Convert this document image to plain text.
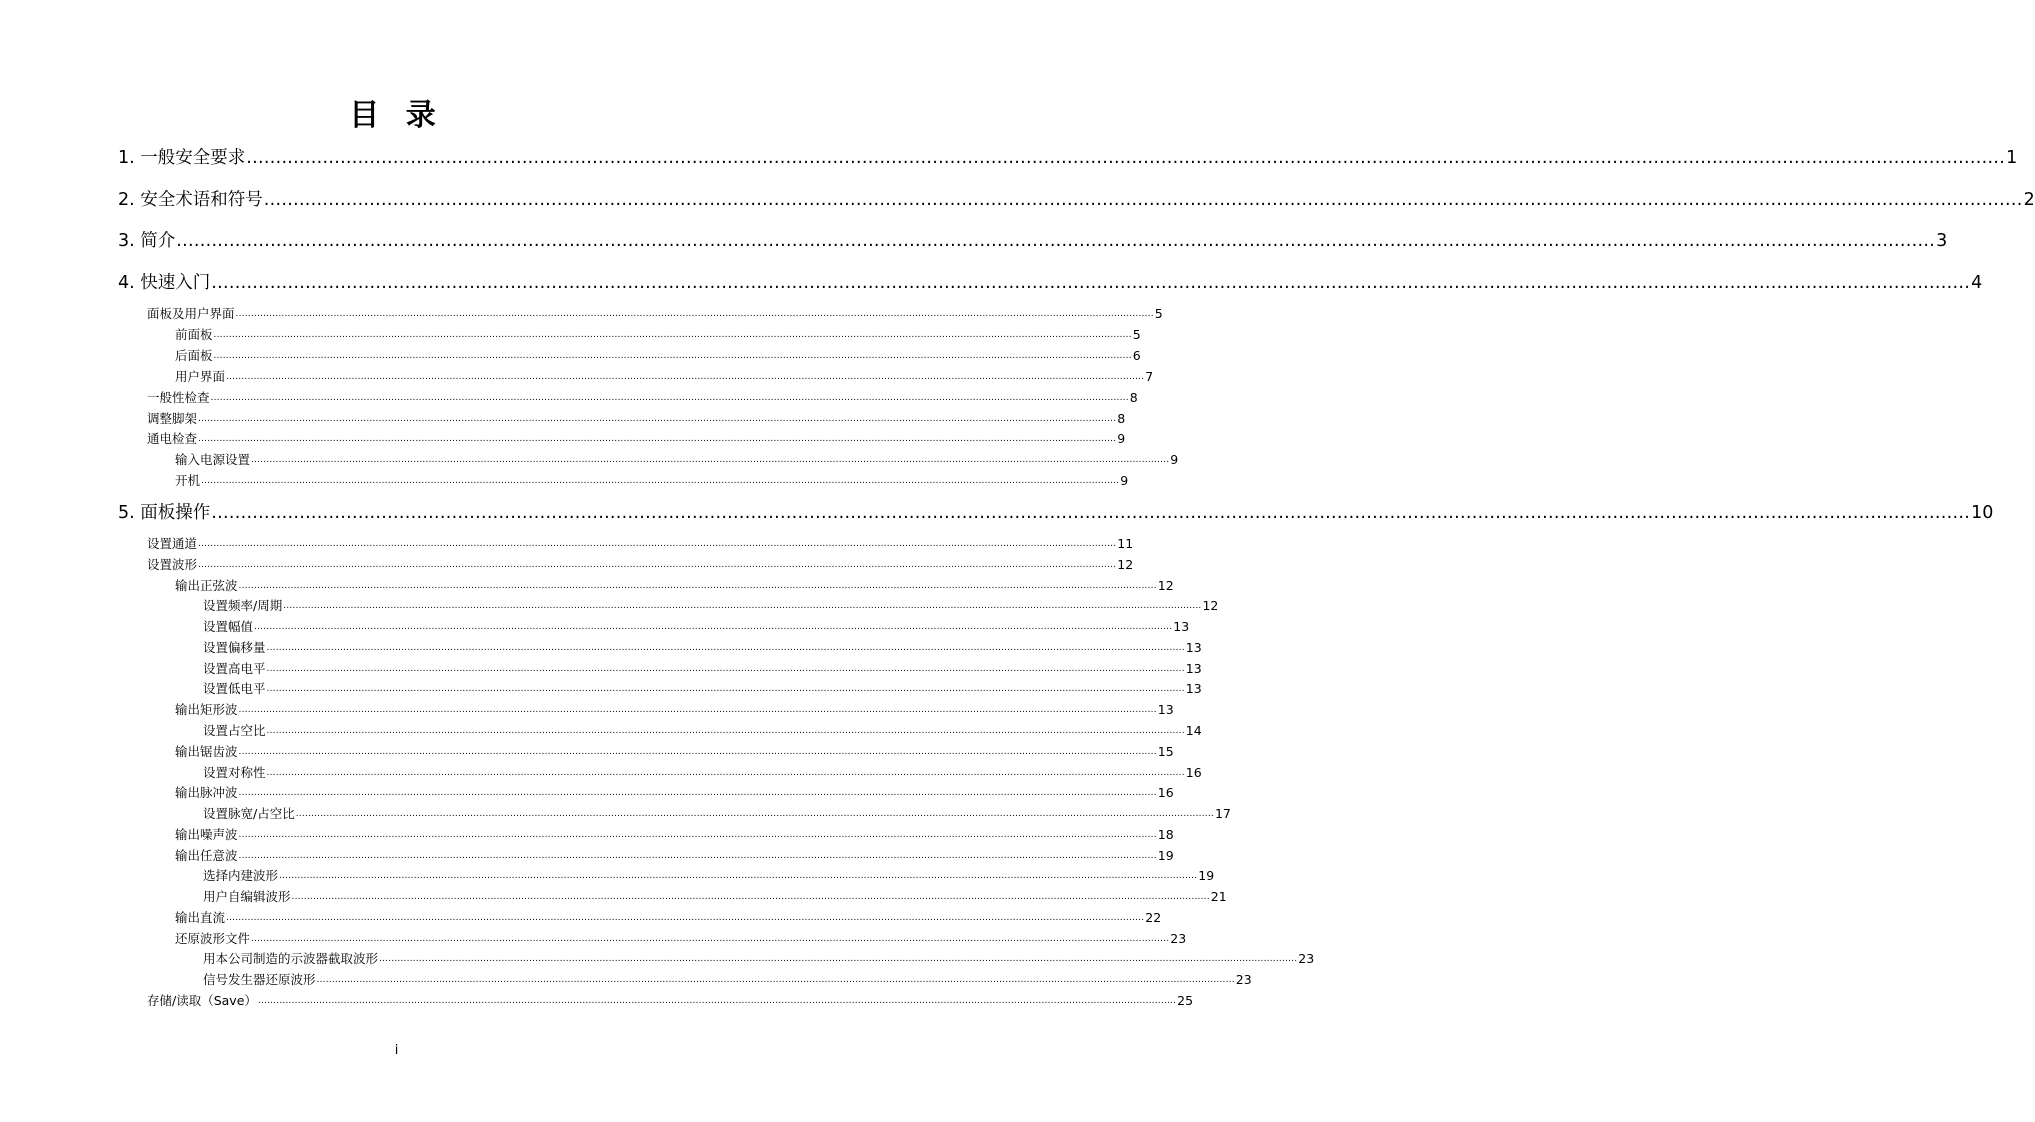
目 录
1. 一般安全要求 ............................................................................................................................................................................................................................................................................................................ 1
2. 安全术语和符号 ............................................................................................................................................................................................................................................................................................................ 2
3. 简介 ............................................................................................................................................................................................................................................................................................................ 3
4. 快速入门 ............................................................................................................................................................................................................................................................................................................ 4
面板及用户界面 ............................................................................................................................................................................................................................................................................................................ 5
前面板 ............................................................................................................................................................................................................................................................................................................ 5
后面板 ............................................................................................................................................................................................................................................................................................................ 6
用户界面 ............................................................................................................................................................................................................................................................................................................ 7
一般性检查 ............................................................................................................................................................................................................................................................................................................ 8
调整脚架 ............................................................................................................................................................................................................................................................................................................ 8
通电检查 ............................................................................................................................................................................................................................................................................................................ 9
输入电源设置 ............................................................................................................................................................................................................................................................................................................ 9
开机 ............................................................................................................................................................................................................................................................................................................ 9
5. 面板操作 ............................................................................................................................................................................................................................................................................................................ 10
设置通道 ............................................................................................................................................................................................................................................................................................................ 11
设置波形 ............................................................................................................................................................................................................................................................................................................ 12
输出正弦波 ............................................................................................................................................................................................................................................................................................................ 12
设置频率/周期 ............................................................................................................................................................................................................................................................................................................ 12
设置幅值 ............................................................................................................................................................................................................................................................................................................ 13
设置偏移量 ............................................................................................................................................................................................................................................................................................................ 13
设置高电平 ............................................................................................................................................................................................................................................................................................................ 13
设置低电平 ............................................................................................................................................................................................................................................................................................................ 13
输出矩形波 ............................................................................................................................................................................................................................................................................................................ 13
设置占空比 ............................................................................................................................................................................................................................................................................................................ 14
输出锯齿波 ............................................................................................................................................................................................................................................................................................................ 15
设置对称性 ............................................................................................................................................................................................................................................................................................................ 16
输出脉冲波 ............................................................................................................................................................................................................................................................................................................ 16
设置脉宽/占空比 ............................................................................................................................................................................................................................................................................................................ 17
输出噪声波 ............................................................................................................................................................................................................................................................................................................ 18
输出任意波 ............................................................................................................................................................................................................................................................................................................ 19
选择内建波形 ............................................................................................................................................................................................................................................................................................................ 19
用户自编辑波形 ............................................................................................................................................................................................................................................................................................................ 21
输出直流 ............................................................................................................................................................................................................................................................................................................ 22
还原波形文件 ............................................................................................................................................................................................................................................................................................................ 23
用本公司制造的示波器截取波形 ............................................................................................................................................................................................................................................................................................................ 23
信号发生器还原波形 ............................................................................................................................................................................................................................................................................................................ 23
存储/读取（Save） ............................................................................................................................................................................................................................................................................................................ 25
i
